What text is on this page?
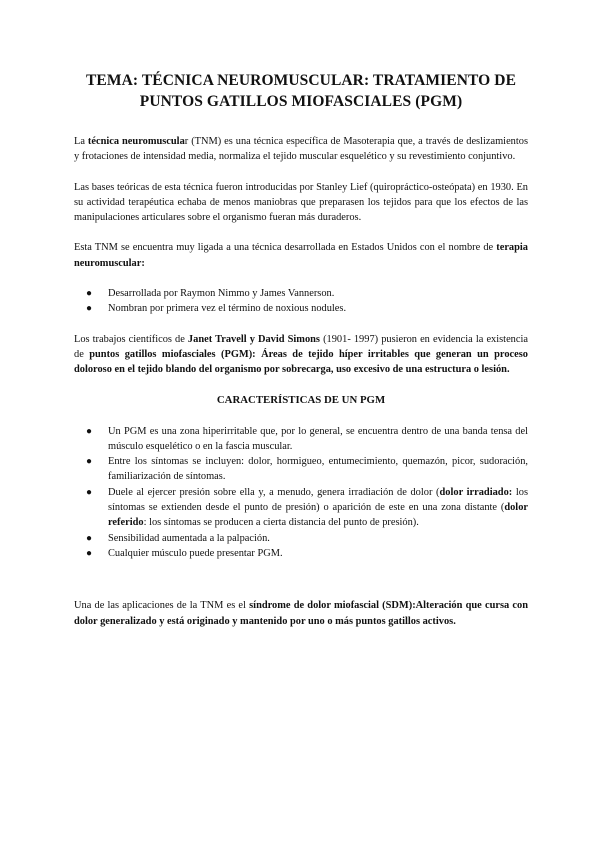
TEMA: TÉCNICA NEUROMUSCULAR: TRATAMIENTO DE PUNTOS GATILLOS MIOFASCIALES (PGM)

La técnica neuromuscular (TNM) es una técnica específica de Masoterapia que, a través de deslizamientos y frotaciones de intensidad media, normaliza el tejido muscular esquelético y su revestimiento conjuntivo.

Las bases teóricas de esta técnica fueron introducidas por Stanley Lief (quiropráctico-osteópata) en 1930. En su actividad terapéutica echaba de menos maniobras que preparasen los tejidos para que los efectos de las manipulaciones articulares sobre el organismo fueran más duraderos.

Esta TNM se encuentra muy ligada a una técnica desarrollada en Estados Unidos con el nombre de terapia neuromuscular:

● Desarrollada por Raymon Nimmo y James Vannerson.
● Nombran por primera vez el término de noxious nodules.

Los trabajos científicos de Janet Travell y David Simons (1901- 1997) pusieron en evidencia la existencia de puntos gatillos miofasciales (PGM): Áreas de tejido híper irritables que generan un proceso doloroso en el tejido blando del organismo por sobrecarga, uso excesivo de una estructura o lesión.

CARACTERÍSTICAS DE UN PGM
● Un PGM es una zona hiperirritable que, por lo general, se encuentra dentro de una banda tensa del músculo esquelético o en la fascia muscular.
● Entre los síntomas se incluyen: dolor, hormigueo, entumecimiento, quemazón, picor, sudoración, familiarización de síntomas.
● Duele al ejercer presión sobre ella y, a menudo, genera irradiación de dolor (dolor irradiado: los síntomas se extienden desde el punto de presión) o aparición de este en una zona distante (dolor referido: los síntomas se producen a cierta distancia del punto de presión).
● Sensibilidad aumentada a la palpación.
● Cualquier músculo puede presentar PGM.

Una de las aplicaciones de la TNM es el síndrome de dolor miofascial (SDM):Alteración que cursa con dolor generalizado y está originado y mantenido por uno o más puntos gatillos activos.
